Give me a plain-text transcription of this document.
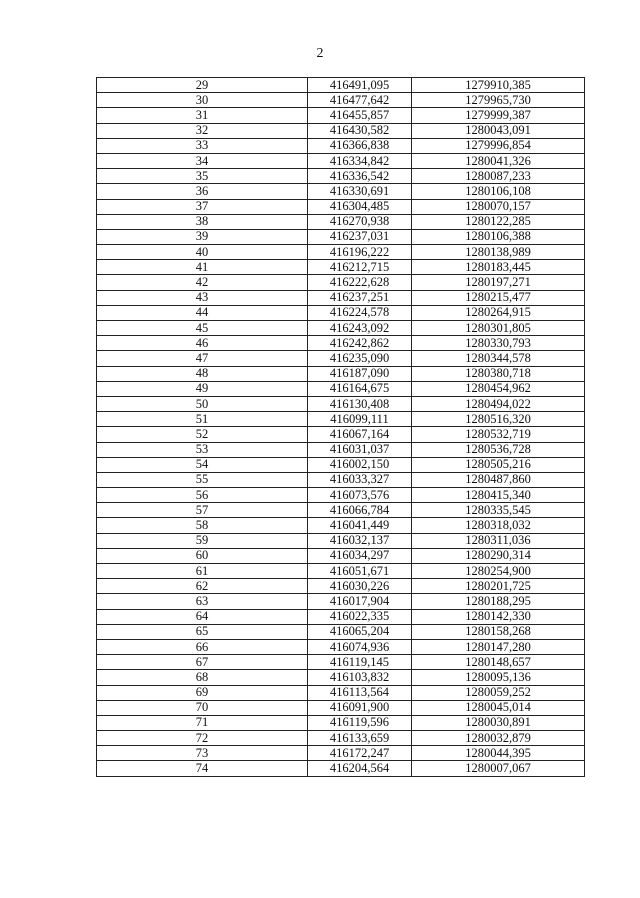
2
29	416491,095	1279910,385
30	416477,642	1279965,730
31	416455,857	1279999,387
32	416430,582	1280043,091
33	416366,838	1279996,854
34	416334,842	1280041,326
35	416336,542	1280087,233
36	416330,691	1280106,108
37	416304,485	1280070,157
38	416270,938	1280122,285
39	416237,031	1280106,388
40	416196,222	1280138,989
41	416212,715	1280183,445
42	416222,628	1280197,271
43	416237,251	1280215,477
44	416224,578	1280264,915
45	416243,092	1280301,805
46	416242,862	1280330,793
47	416235,090	1280344,578
48	416187,090	1280380,718
49	416164,675	1280454,962
50	416130,408	1280494,022
51	416099,111	1280516,320
52	416067,164	1280532,719
53	416031,037	1280536,728
54	416002,150	1280505,216
55	416033,327	1280487,860
56	416073,576	1280415,340
57	416066,784	1280335,545
58	416041,449	1280318,032
59	416032,137	1280311,036
60	416034,297	1280290,314
61	416051,671	1280254,900
62	416030,226	1280201,725
63	416017,904	1280188,295
64	416022,335	1280142,330
65	416065,204	1280158,268
66	416074,936	1280147,280
67	416119,145	1280148,657
68	416103,832	1280095,136
69	416113,564	1280059,252
70	416091,900	1280045,014
71	416119,596	1280030,891
72	416133,659	1280032,879
73	416172,247	1280044,395
74	416204,564	1280007,067
